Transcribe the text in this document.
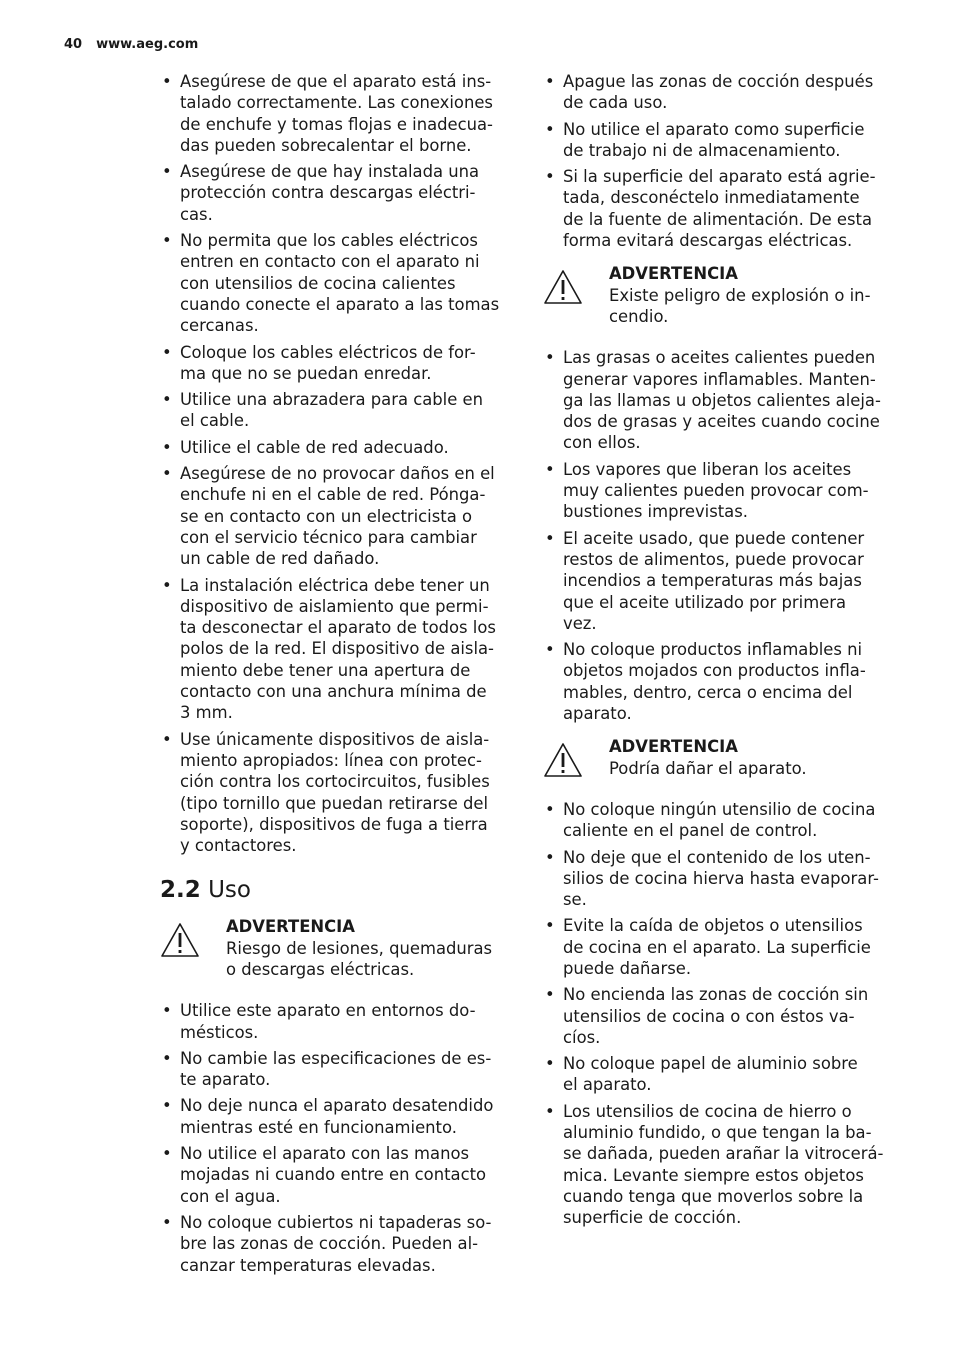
40 www.aeg.com
• Asegúrese de que el aparato está ins-
talado correctamente. Las conexiones
de enchufe y tomas flojas e inadecua-
das pueden sobrecalentar el borne.
• Asegúrese de que hay instalada una
protección contra descargas eléctri-
cas.
• No permita que los cables eléctricos
entren en contacto con el aparato ni
con utensilios de cocina calientes
cuando conecte el aparato a las tomas
cercanas.
• Coloque los cables eléctricos de for-
ma que no se puedan enredar.
• Utilice una abrazadera para cable en
el cable.
• Utilice el cable de red adecuado.
• Asegúrese de no provocar daños en el
enchufe ni en el cable de red. Pónga-
se en contacto con un electricista o
con el servicio técnico para cambiar
un cable de red dañado.
• La instalación eléctrica debe tener un
dispositivo de aislamiento que permi-
ta desconectar el aparato de todos los
polos de la red. El dispositivo de aisla-
miento debe tener una apertura de
contacto con una anchura mínima de
3 mm.
• Use únicamente dispositivos de aisla-
miento apropiados: línea con protec-
ción contra los cortocircuitos, fusibles
(tipo tornillo que puedan retirarse del
soporte), dispositivos de fuga a tierra
y contactores.
2.2 Uso
ADVERTENCIA
Riesgo de lesiones, quemaduras
o descargas eléctricas.
• Utilice este aparato en entornos do-
mésticos.
• No cambie las especificaciones de es-
te aparato.
• No deje nunca el aparato desatendido
mientras esté en funcionamiento.
• No utilice el aparato con las manos
mojadas ni cuando entre en contacto
con el agua.
• No coloque cubiertos ni tapaderas so-
bre las zonas de cocción. Pueden al-
canzar temperaturas elevadas.
• Apague las zonas de cocción después
de cada uso.
• No utilice el aparato como superficie
de trabajo ni de almacenamiento.
• Si la superficie del aparato está agrie-
tada, desconéctelo inmediatamente
de la fuente de alimentación. De esta
forma evitará descargas eléctricas.
ADVERTENCIA
Existe peligro de explosión o in-
cendio.
• Las grasas o aceites calientes pueden
generar vapores inflamables. Manten-
ga las llamas u objetos calientes aleja-
dos de grasas y aceites cuando cocine
con ellos.
• Los vapores que liberan los aceites
muy calientes pueden provocar com-
bustiones imprevistas.
• El aceite usado, que puede contener
restos de alimentos, puede provocar
incendios a temperaturas más bajas
que el aceite utilizado por primera
vez.
• No coloque productos inflamables ni
objetos mojados con productos infla-
mables, dentro, cerca o encima del
aparato.
ADVERTENCIA
Podría dañar el aparato.
• No coloque ningún utensilio de cocina
caliente en el panel de control.
• No deje que el contenido de los uten-
silios de cocina hierva hasta evaporar-
se.
• Evite la caída de objetos o utensilios
de cocina en el aparato. La superficie
puede dañarse.
• No encienda las zonas de cocción sin
utensilios de cocina o con éstos va-
cíos.
• No coloque papel de aluminio sobre
el aparato.
• Los utensilios de cocina de hierro o
aluminio fundido, o que tengan la ba-
se dañada, pueden arañar la vitrocerá-
mica. Levante siempre estos objetos
cuando tenga que moverlos sobre la
superficie de cocción.
